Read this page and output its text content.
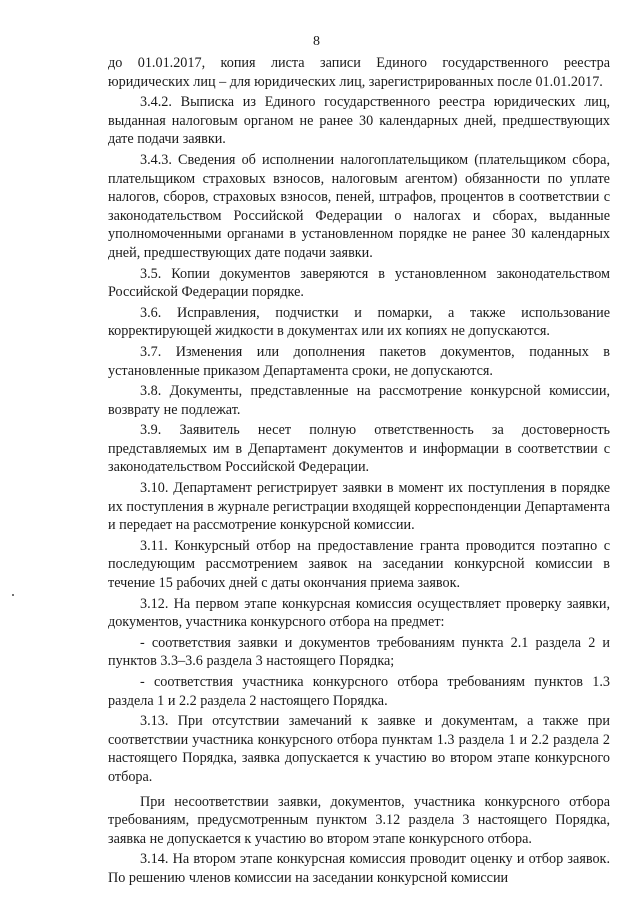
8

до 01.01.2017, копия листа записи Единого государственного реестра юридических лиц – для юридических лиц, зарегистрированных после 01.01.2017.

3.4.2. Выписка из Единого государственного реестра юридических лиц, выданная налоговым органом не ранее 30 календарных дней, предшествующих дате подачи заявки.

3.4.3. Сведения об исполнении налогоплательщиком (плательщиком сбора, плательщиком страховых взносов, налоговым агентом) обязанности по уплате налогов, сборов, страховых взносов, пеней, штрафов, процентов в соответствии с законодательством Российской Федерации о налогах и сборах, выданные уполномоченными органами в установленном порядке не ранее 30 календарных дней, предшествующих дате подачи заявки.

3.5. Копии документов заверяются в установленном законодательством Российской Федерации порядке.

3.6. Исправления, подчистки и помарки, а также использование корректирующей жидкости в документах или их копиях не допускаются.

3.7. Изменения или дополнения пакетов документов, поданных в установленные приказом Департамента сроки, не допускаются.

3.8. Документы, представленные на рассмотрение конкурсной комиссии, возврату не подлежат.

3.9. Заявитель несет полную ответственность за достоверность представляемых им в Департамент документов и информации в соответствии с законодательством Российской Федерации.

3.10. Департамент регистрирует заявки в момент их поступления в порядке их поступления в журнале регистрации входящей корреспонденции Департамента и передает на рассмотрение конкурсной комиссии.

3.11. Конкурсный отбор на предоставление гранта проводится поэтапно с последующим рассмотрением заявок на заседании конкурсной комиссии в течение 15 рабочих дней с даты окончания приема заявок.

3.12. На первом этапе конкурсная комиссия осуществляет проверку заявки, документов, участника конкурсного отбора на предмет:

- соответствия заявки и документов требованиям пункта 2.1 раздела 2 и пунктов 3.3–3.6 раздела 3 настоящего Порядка;

- соответствия участника конкурсного отбора требованиям пунктов 1.3 раздела 1 и 2.2 раздела 2 настоящего Порядка.

3.13. При отсутствии замечаний к заявке и документам, а также при соответствии участника конкурсного отбора пунктам 1.3 раздела 1 и 2.2 раздела 2 настоящего Порядка, заявка допускается к участию во втором этапе конкурсного отбора.

При несоответствии заявки, документов, участника конкурсного отбора требованиям, предусмотренным пунктом 3.12 раздела 3 настоящего Порядка, заявка не допускается к участию во втором этапе конкурсного отбора.

3.14. На втором этапе конкурсная комиссия проводит оценку и отбор заявок. По решению членов комиссии на заседании конкурсной комиссии
